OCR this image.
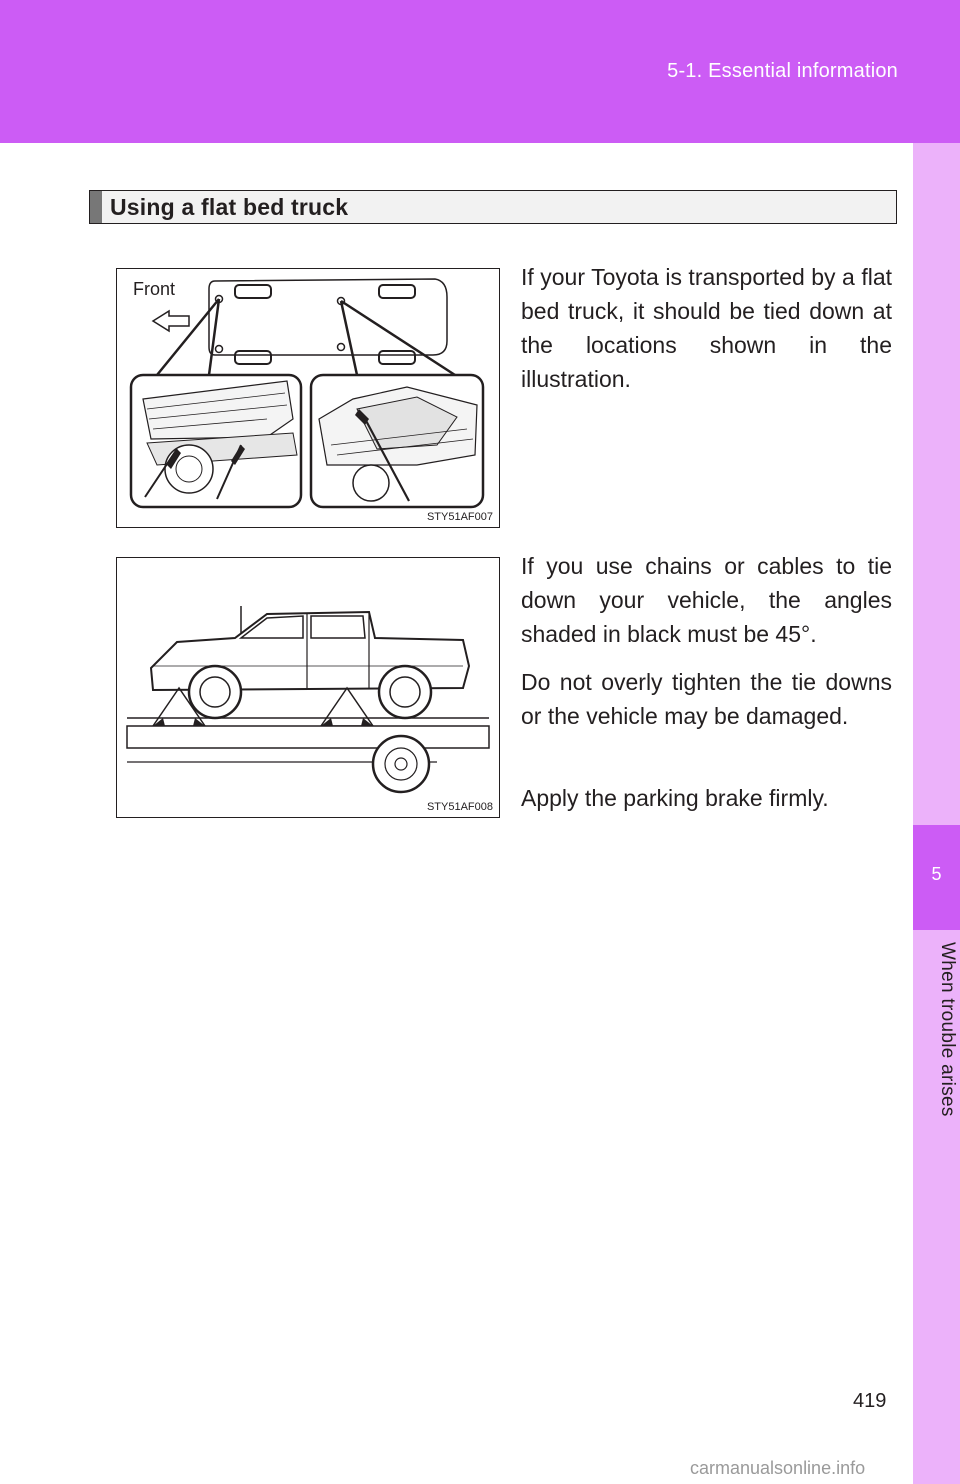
5-1. Essential information
5
When trouble arises
Using a flat bed truck
Front
STY51AF007
STY51AF008

If your Toyota is transported by a flat bed truck, it should be tied down at the locations shown in the illustration.

If you use chains or cables to tie down your vehicle, the angles shaded in black must be 45°.

Do not overly tighten the tie downs or the vehicle may be damaged.

Apply the parking brake firmly.

419
carmanualsonline.info
